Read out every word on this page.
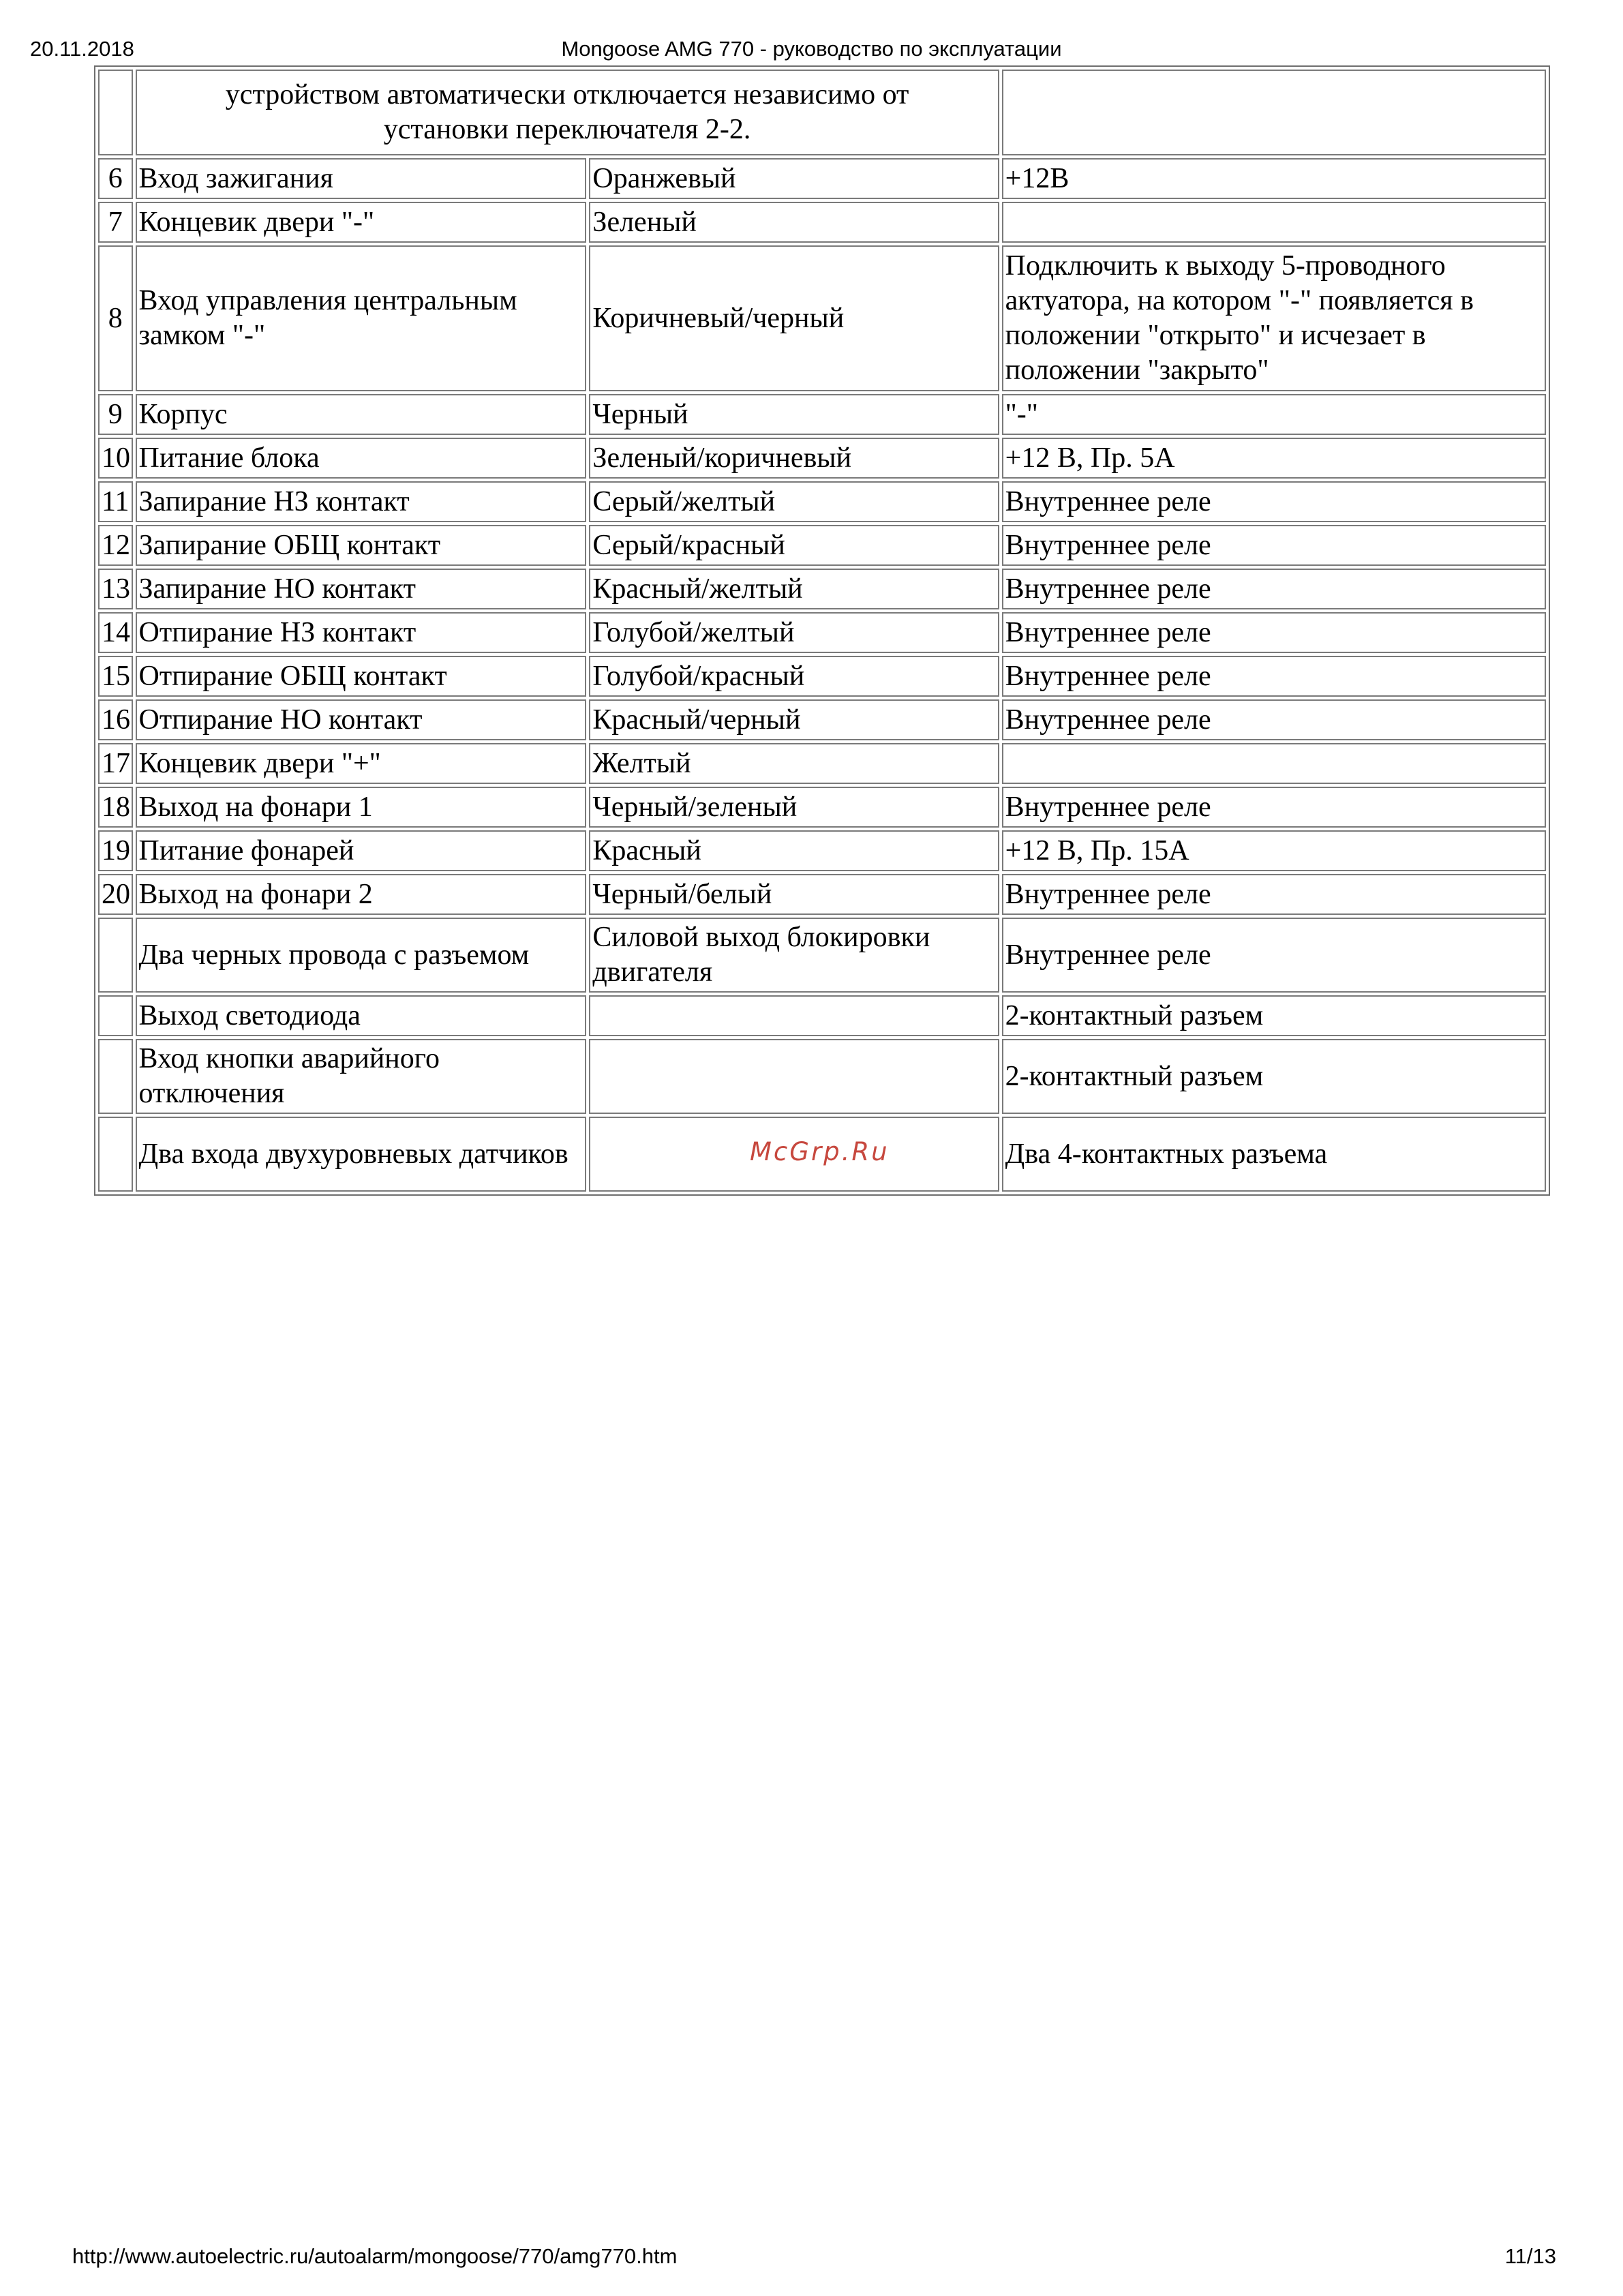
20.11.2018	Mongoose AMG 770 - руководство по эксплуатации

	устройством автоматически отключается независимо от
установки переключателя 2-2.		

6	Вход зажигания	Оранжевый	+12В
7	Концевик двери "-"	Зеленый	
8	Вход управления центральным замком "-"	Коричневый/черный	Подключить к выходу 5-проводного актуатора, на котором "-" появляется в положении "открыто" и исчезает в положении "закрыто"
9	Корпус	Черный	"-"
10	Питание блока	Зеленый/коричневый	+12 В, Пр. 5А
11	Запирание НЗ контакт	Серый/желтый	Внутреннее реле
12	Запирание ОБЩ контакт	Серый/красный	Внутреннее реле
13	Запирание НО контакт	Красный/желтый	Внутреннее реле
14	Отпирание НЗ контакт	Голубой/желтый	Внутреннее реле
15	Отпирание ОБЩ контакт	Голубой/красный	Внутреннее реле
16	Отпирание НО контакт	Красный/черный	Внутреннее реле
17	Концевик двери "+"	Желтый	
18	Выход на фонари 1	Черный/зеленый	Внутреннее реле
19	Питание фонарей	Красный	+12 В, Пр. 15А
20	Выход на фонари 2	Черный/белый	Внутреннее реле
	Два черных провода с разъемом	Силовой выход блокировки двигателя	Внутреннее реле
	Выход светодиода		2-контактный разъем
	Вход кнопки аварийного отключения		2-контактный разъем
	Два входа двухуровневых датчиков		Два 4-контактных разъема
McGrp.Ru
http://www.autoelectric.ru/autoalarm/mongoose/770/amg770.htm	11/13
